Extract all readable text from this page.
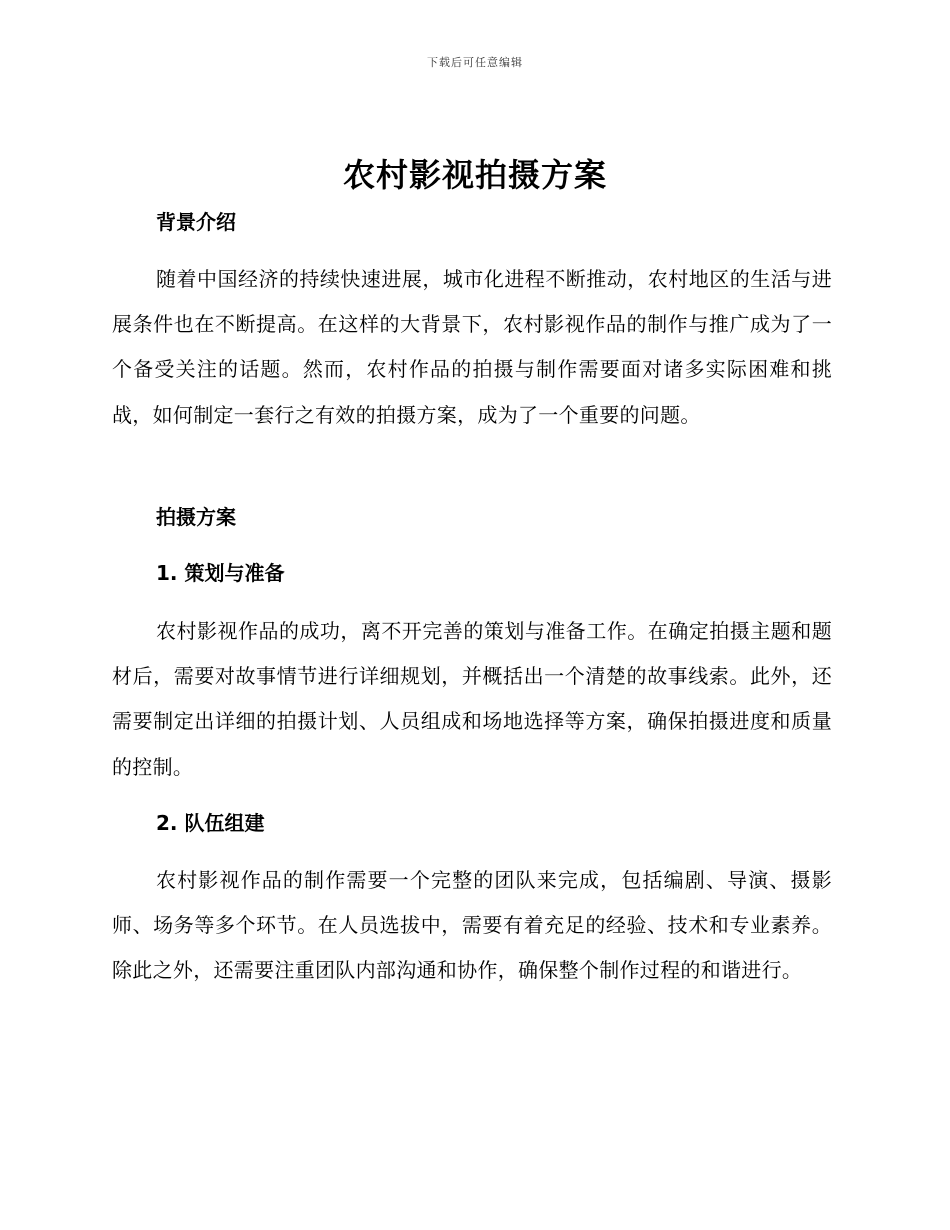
下载后可任意编辑
农村影视拍摄方案
背景介绍

随着中国经济的持续快速进展，城市化进程不断推动，农村地区的生活与进展条件也在不断提高。在这样的大背景下，农村影视作品的制作与推广成为了一个备受关注的话题。然而，农村作品的拍摄与制作需要面对诸多实际困难和挑战，如何制定一套行之有效的拍摄方案，成为了一个重要的问题。

拍摄方案
1. 策划与准备

农村影视作品的成功，离不开完善的策划与准备工作。在确定拍摄主题和题材后，需要对故事情节进行详细规划，并概括出一个清楚的故事线索。此外，还需要制定出详细的拍摄计划、人员组成和场地选择等方案，确保拍摄进度和质量的控制。

2. 队伍组建

农村影视作品的制作需要一个完整的团队来完成，包括编剧、导演、摄影师、场务等多个环节。在人员选拔中，需要有着充足的经验、技术和专业素养。除此之外，还需要注重团队内部沟通和协作，确保整个制作过程的和谐进行。
